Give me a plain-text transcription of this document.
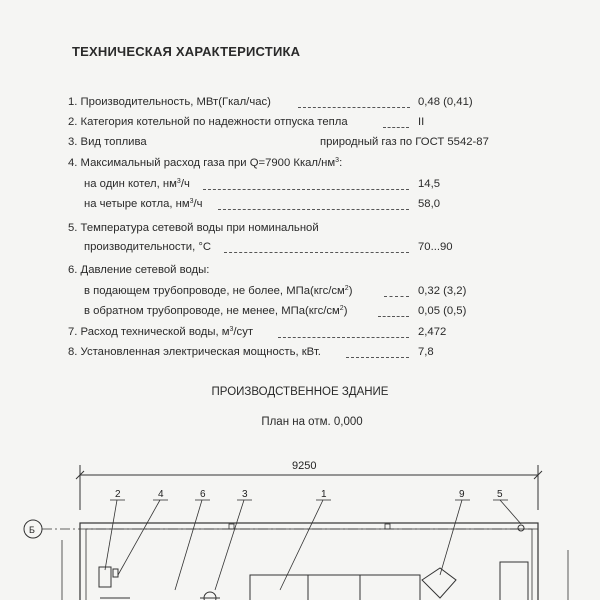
⠀
ТЕХНИЧЕСКАЯ ХАРАКТЕРИСТИКА
1. Производительность, МВт(Гкал/час)	0,48 (0,41)
2. Категория котельной по надежности отпуска тепла	II
3. Вид топлива	природный газ по ГОСТ 5542-87
4. Максимальный расход газа при Q=7900 Ккал/$нм^3$:
на один котел, $нм^3/ч$	14,5
на четыре котла, $нм^3/ч$	58,0
5. Температура сетевой воды при номинальной
производительности, °С	70...90
6. Давление сетевой воды:
в подающем трубопроводе, не более, $МПа(кгс/см^2)$	0,32 (3,2)
в обратном трубопроводе, не менее, $МПа(кгс/см^2)$	0,05 (0,5)
7. Расход технической воды, $м^3$/сут	2,472
8. Установленная электрическая мощность, кВт.	7,8
ПРОИЗВОДСТВЕННОЕ ЗДАНИЕ
План на отм. 0,000
9250
Б
2	4	6	3	1	9	5
